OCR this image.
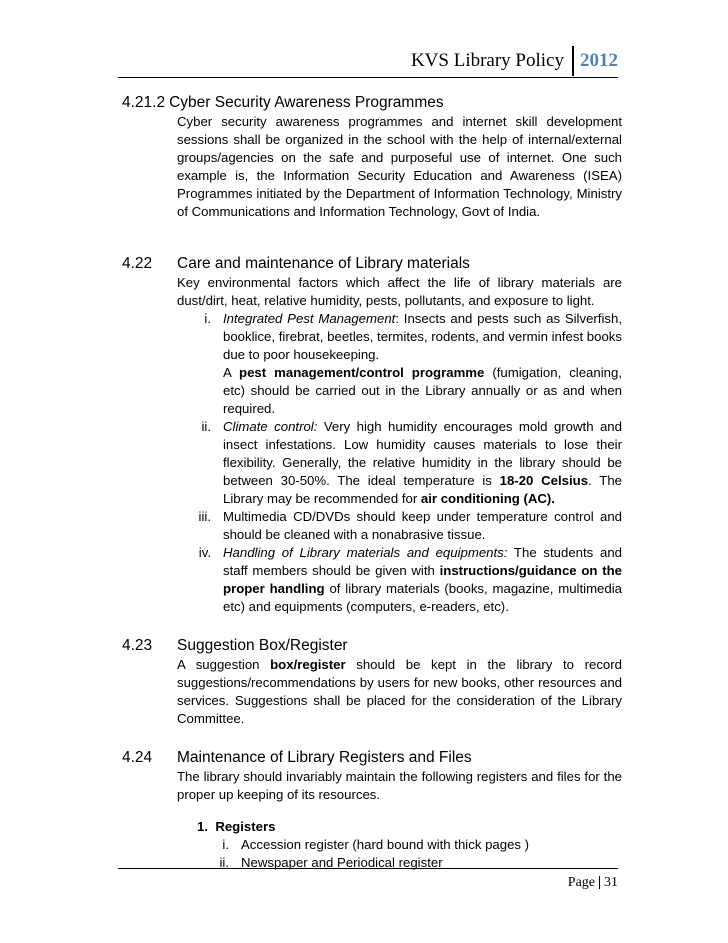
KVS Library Policy 2012
4.21.2 Cyber Security Awareness Programmes
Cyber security awareness programmes and internet skill development sessions shall be organized in the school with the help of internal/external groups/agencies on the safe and purposeful use of internet. One such example is, the Information Security Education and Awareness (ISEA) Programmes initiated by the Department of Information Technology, Ministry of Communications and Information Technology, Govt of India.
4.22 Care and maintenance of Library materials
Key environmental factors which affect the life of library materials are dust/dirt, heat, relative humidity, pests, pollutants, and exposure to light.
i. Integrated Pest Management: Insects and pests such as Silverfish, booklice, firebrat, beetles, termites, rodents, and vermin infest books due to poor housekeeping.
A pest management/control programme (fumigation, cleaning, etc) should be carried out in the Library annually or as and when required.
ii. Climate control: Very high humidity encourages mold growth and insect infestations. Low humidity causes materials to lose their flexibility. Generally, the relative humidity in the library should be between 30-50%. The ideal temperature is 18-20 Celsius. The Library may be recommended for air conditioning (AC).
iii. Multimedia CD/DVDs should keep under temperature control and should be cleaned with a nonabrasive tissue.
iv. Handling of Library materials and equipments: The students and staff members should be given with instructions/guidance on the proper handling of library materials (books, magazine, multimedia etc) and equipments (computers, e-readers, etc).
4.23 Suggestion Box/Register
A suggestion box/register should be kept in the library to record suggestions/recommendations by users for new books, other resources and services. Suggestions shall be placed for the consideration of the Library Committee.
4.24 Maintenance of Library Registers and Files
The library should invariably maintain the following registers and files for the proper up keeping of its resources.
1. Registers
i. Accession register (hard bound with thick pages )
ii. Newspaper and Periodical register
Page 31
